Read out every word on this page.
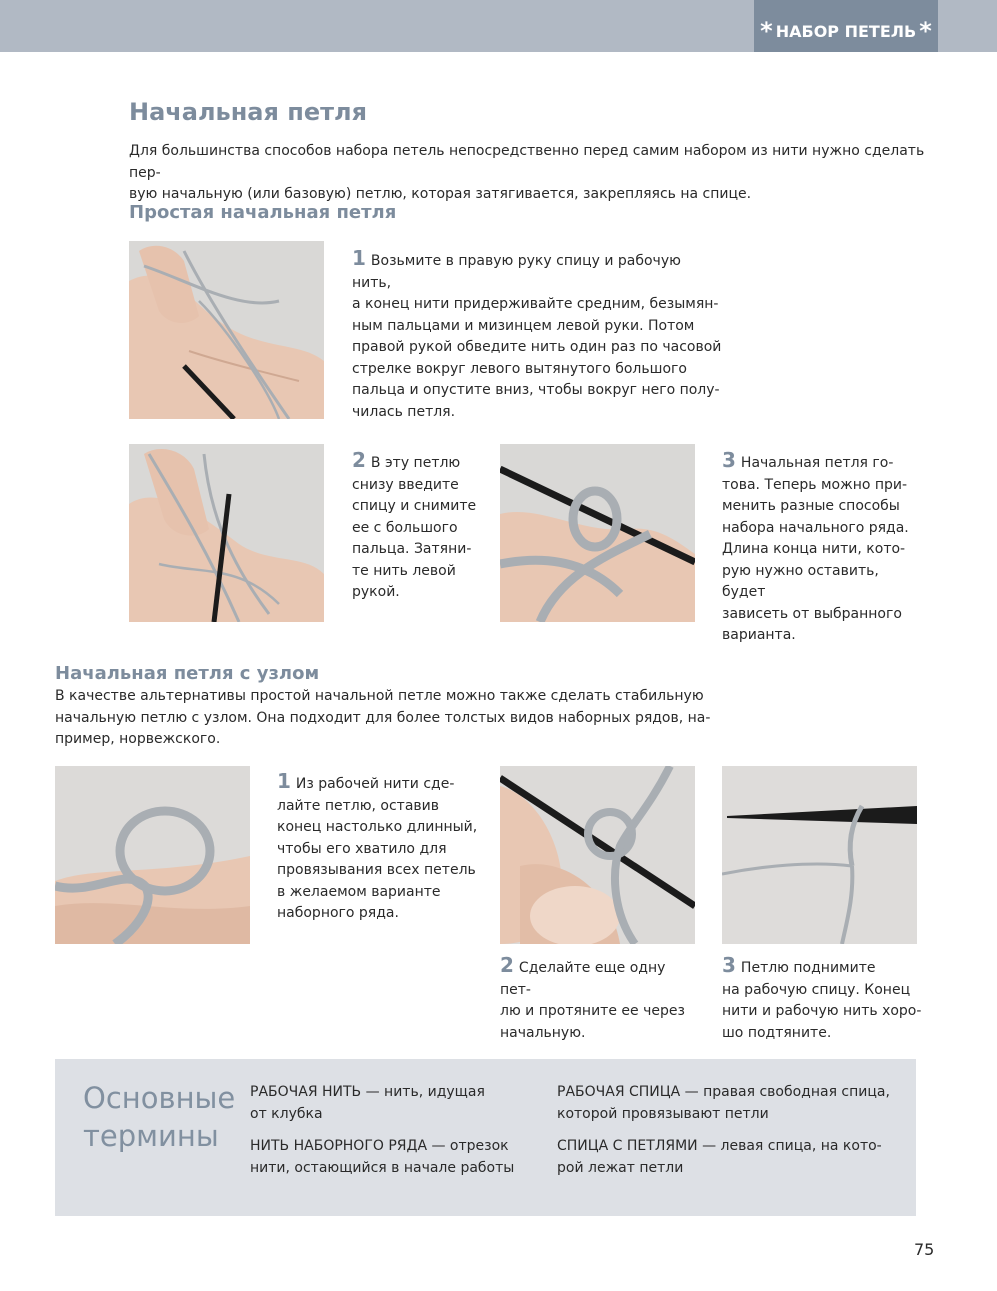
* НАБОР ПЕТЕЛЬ *
Начальная петля

Для большинства способов набора петель непосредственно перед самим набором из нити нужно сделать пер-
вую начальную (или базовую) петлю, которая затягивается, закрепляясь на спице.

Простая начальная петля

1 Возьмите в правую руку спицу и рабочую нить,
а конец нити придерживайте средним, безымян-
ным пальцами и мизинцем левой руки. Потом
правой рукой обведите нить один раз по часовой
стрелке вокруг левого вытянутого большого
пальца и опустите вниз, чтобы вокруг него полу-
чилась петля.

2 В эту петлю
снизу введите
спицу и снимите
ее с большого
пальца. Затяни-
те нить левой
рукой.

3 Начальная петля го-
това. Теперь можно при-
менить разные способы
набора начального ряда.
Длина конца нити, кото-
рую нужно оставить, будет
зависеть от выбранного
варианта.

Начальная петля с узлом

В качестве альтернативы простой начальной петле можно также сделать стабильную
начальную петлю с узлом. Она подходит для более толстых видов наборных рядов, на-
пример, норвежского.

1 Из рабочей нити сде-
лайте петлю, оставив
конец настолько длинный,
чтобы его хватило для
провязывания всех петель
в желаемом варианте
наборного ряда.

2 Сделайте еще одну пет-
лю и протяните ее через
начальную.

3 Петлю поднимите
на рабочую спицу. Конец
нити и рабочую нить хоро-
шо подтяните.

Основные
термины
РАБОЧАЯ НИТЬ — нить, идущая
от клубка
НИТЬ НАБОРНОГО РЯДА — отрезок
нити, остающийся в начале работы
РАБОЧАЯ СПИЦА — правая свободная спица,
которой провязывают петли
СПИЦА С ПЕТЛЯМИ — левая спица, на кото-
рой лежат петли
75
